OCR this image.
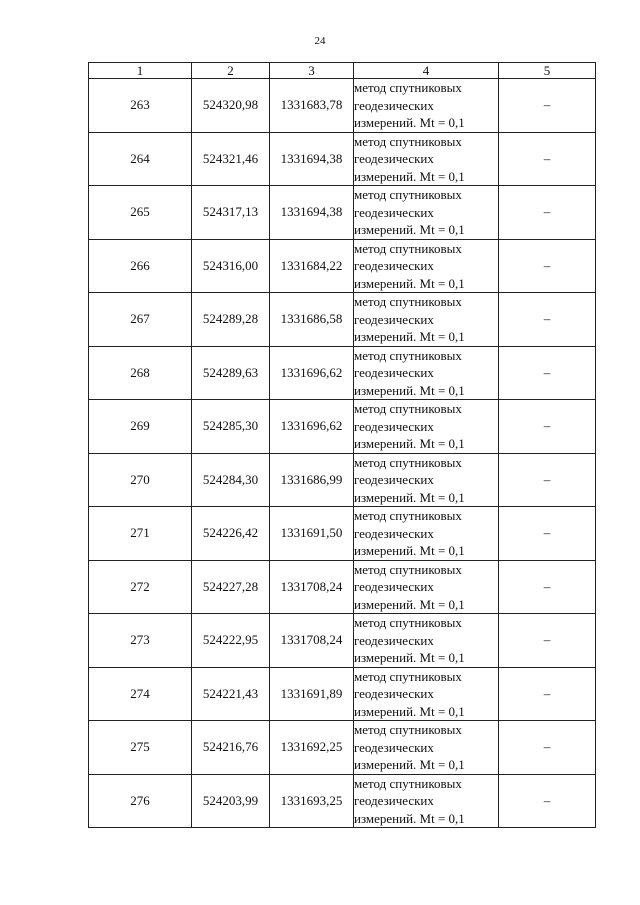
24
1	2	3	4	5
263	524320,98	1331683,78	метод спутниковых
геодезических
измерений. Mt = 0,1	–
264	524321,46	1331694,38	метод спутниковых
геодезических
измерений. Mt = 0,1	–
265	524317,13	1331694,38	метод спутниковых
геодезических
измерений. Mt = 0,1	–
266	524316,00	1331684,22	метод спутниковых
геодезических
измерений. Mt = 0,1	–
267	524289,28	1331686,58	метод спутниковых
геодезических
измерений. Mt = 0,1	–
268	524289,63	1331696,62	метод спутниковых
геодезических
измерений. Mt = 0,1	–
269	524285,30	1331696,62	метод спутниковых
геодезических
измерений. Mt = 0,1	–
270	524284,30	1331686,99	метод спутниковых
геодезических
измерений. Mt = 0,1	–
271	524226,42	1331691,50	метод спутниковых
геодезических
измерений. Mt = 0,1	–
272	524227,28	1331708,24	метод спутниковых
геодезических
измерений. Mt = 0,1	–
273	524222,95	1331708,24	метод спутниковых
геодезических
измерений. Mt = 0,1	–
274	524221,43	1331691,89	метод спутниковых
геодезических
измерений. Mt = 0,1	–
275	524216,76	1331692,25	метод спутниковых
геодезических
измерений. Mt = 0,1	–
276	524203,99	1331693,25	метод спутниковых
геодезических
измерений. Mt = 0,1	–
